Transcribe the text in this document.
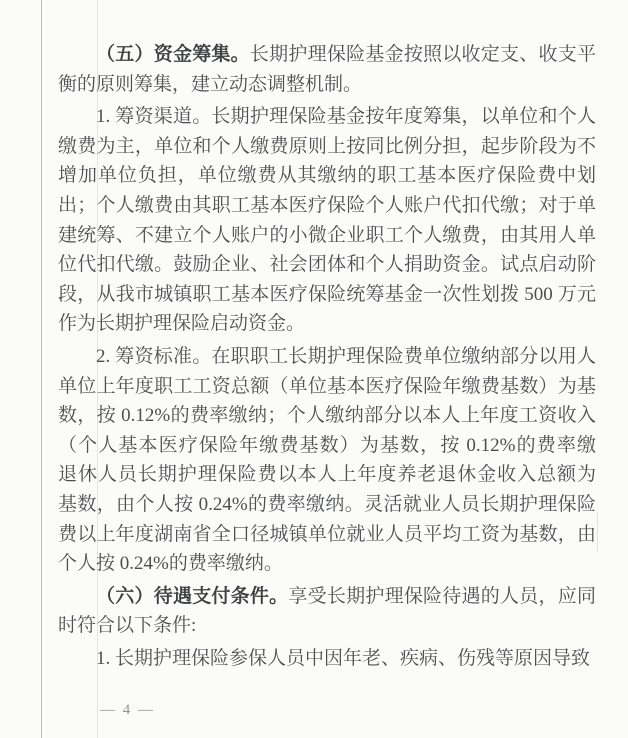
（五）资金筹集。长期护理保险基金按照以收定支、收支平
衡的原则筹集，建立动态调整机制。
1. 筹资渠道。长期护理保险基金按年度筹集，以单位和个人
缴费为主，单位和个人缴费原则上按同比例分担，起步阶段为不
增加单位负担，单位缴费从其缴纳的职工基本医疗保险费中划
出；个人缴费由其职工基本医疗保险个人账户代扣代缴；对于单
建统筹、不建立个人账户的小微企业职工个人缴费，由其用人单
位代扣代缴。鼓励企业、社会团体和个人捐助资金。试点启动阶
段，从我市城镇职工基本医疗保险统筹基金一次性划拨 500 万元
作为长期护理保险启动资金。
2. 筹资标准。在职职工长期护理保险费单位缴纳部分以用人
单位上年度职工工资总额（单位基本医疗保险年缴费基数）为基
数，按 0.12%的费率缴纳；个人缴纳部分以本人上年度工资收入
（个人基本医疗保险年缴费基数）为基数，按 0.12%的费率缴
退休人员长期护理保险费以本人上年度养老退休金收入总额为
基数，由个人按 0.24%的费率缴纳。灵活就业人员长期护理保险
费以上年度湖南省全口径城镇单位就业人员平均工资为基数，由
个人按 0.24%的费率缴纳。
（六）待遇支付条件。享受长期护理保险待遇的人员，应同
时符合以下条件:
1. 长期护理保险参保人员中因年老、疾病、伤残等原因导致
— 4 —
